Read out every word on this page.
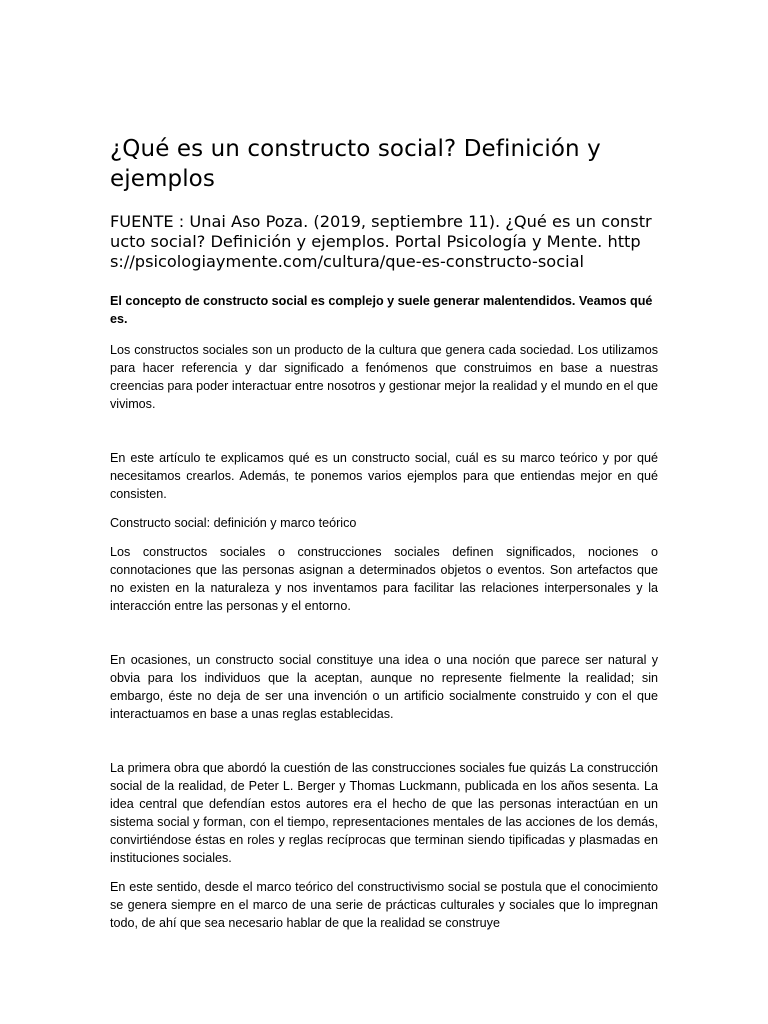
¿Qué es un constructo social? Definición y ejemplos

FUENTE : Unai Aso Poza. (2019, septiembre 11). ¿Qué es un constructo social? Definición y ejemplos. Portal Psicología y Mente. https://psicologiaymente.com/cultura/que-es-constructo-social

El concepto de constructo social es complejo y suele generar malentendidos. Veamos qué es.

Los constructos sociales son un producto de la cultura que genera cada sociedad. Los utilizamos para hacer referencia y dar significado a fenómenos que construimos en base a nuestras creencias para poder interactuar entre nosotros y gestionar mejor la realidad y el mundo en el que vivimos.

En este artículo te explicamos qué es un constructo social, cuál es su marco teórico y por qué necesitamos crearlos. Además, te ponemos varios ejemplos para que entiendas mejor en qué consisten.

Constructo social: definición y marco teórico

Los constructos sociales o construcciones sociales definen significados, nociones o connotaciones que las personas asignan a determinados objetos o eventos. Son artefactos que no existen en la naturaleza y nos inventamos para facilitar las relaciones interpersonales y la interacción entre las personas y el entorno.

En ocasiones, un constructo social constituye una idea o una noción que parece ser natural y obvia para los individuos que la aceptan, aunque no represente fielmente la realidad; sin embargo, éste no deja de ser una invención o un artificio socialmente construido y con el que interactuamos en base a unas reglas establecidas.

La primera obra que abordó la cuestión de las construcciones sociales fue quizás La construcción social de la realidad, de Peter L. Berger y Thomas Luckmann, publicada en los años sesenta. La idea central que defendían estos autores era el hecho de que las personas interactúan en un sistema social y forman, con el tiempo, representaciones mentales de las acciones de los demás, convirtiéndose éstas en roles y reglas recíprocas que terminan siendo tipificadas y plasmadas en instituciones sociales.

En este sentido, desde el marco teórico del constructivismo social se postula que el conocimiento se genera siempre en el marco de una serie de prácticas culturales y sociales que lo impregnan todo, de ahí que sea necesario hablar de que la realidad se construye
